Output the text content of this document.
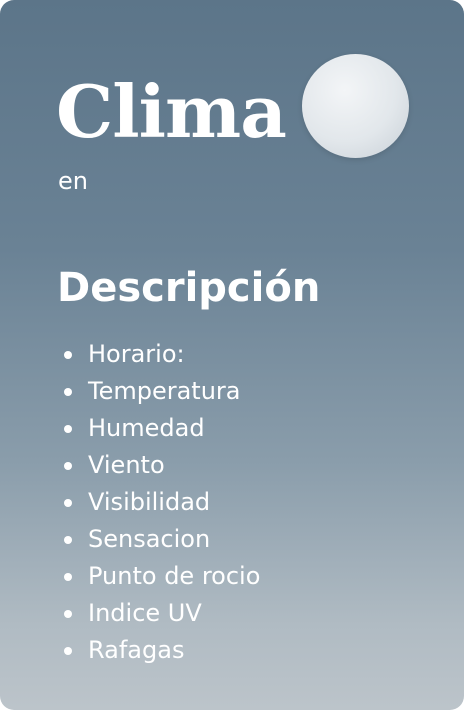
Clima
en
Descripción
Horario:
Temperatura
Humedad
Viento
Visibilidad
Sensacion
Punto de rocio
Indice UV
Rafagas
